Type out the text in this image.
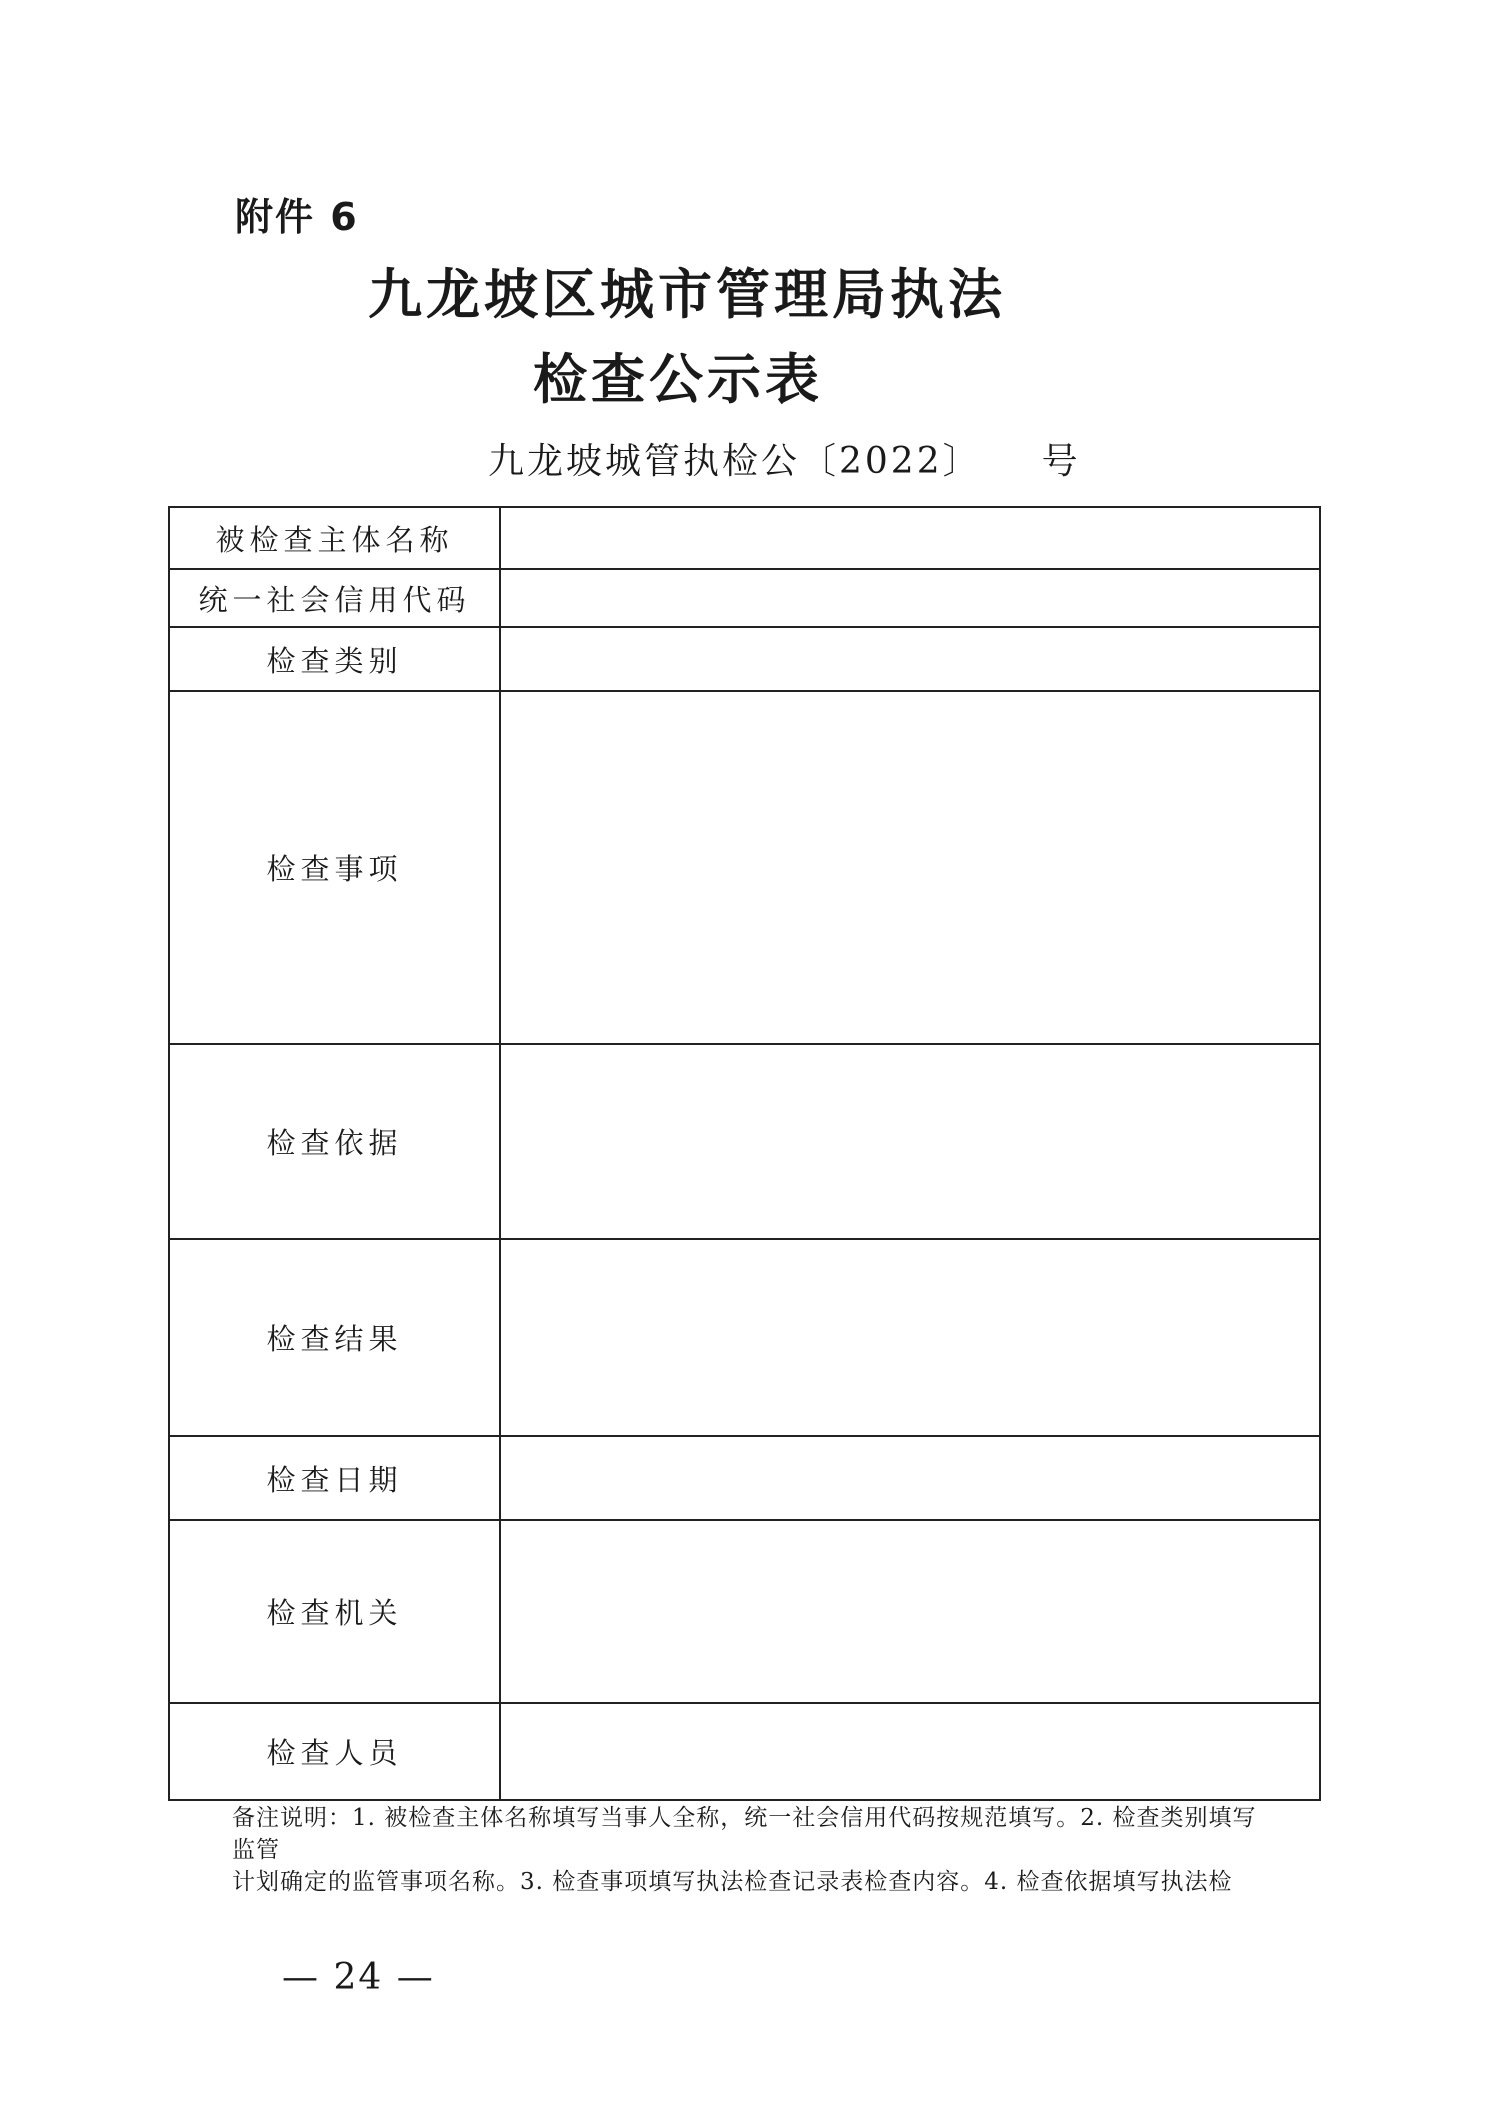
附件 6
九龙坡区城市管理局执法
检查公示表
九龙坡城管执检公〔2022〕 号
被检查主体名称	
统一社会信用代码	
检查类别	
检查事项	
检查依据	
检查结果	
检查日期	
检查机关	
检查人员	

备注说明：1. 被检查主体名称填写当事人全称，统一社会信用代码按规范填写。2. 检查类别填写监管

计划确定的监管事项名称。3. 检查事项填写执法检查记录表检查内容。4. 检查依据填写执法检

— 24 —
